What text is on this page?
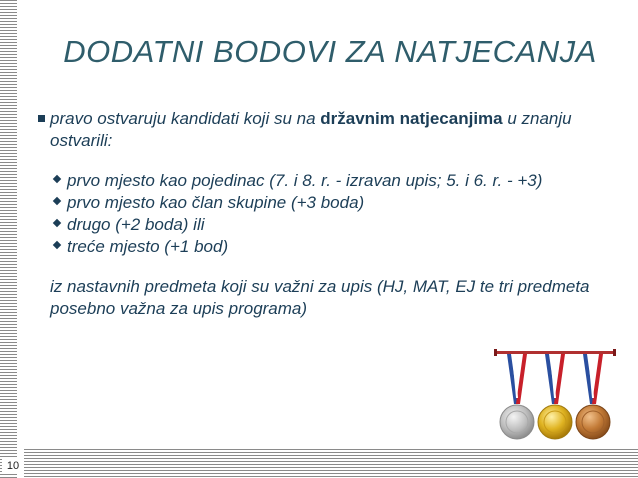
10
DODATNI BODOVI ZA NATJECANJA
pravo ostvaruju kandidati koji su na državnim natjecanjima u znanju ostvarili:
prvo mjesto kao pojedinac (7. i 8. r. - izravan upis; 5. i 6. r. - +3)
prvo mjesto kao član skupine (+3 boda)
drugo (+2 boda) ili
treće mjesto (+1 bod)
iz nastavnih predmeta koji su važni za upis (HJ, MAT, EJ te tri predmeta posebno važna za upis programa)
